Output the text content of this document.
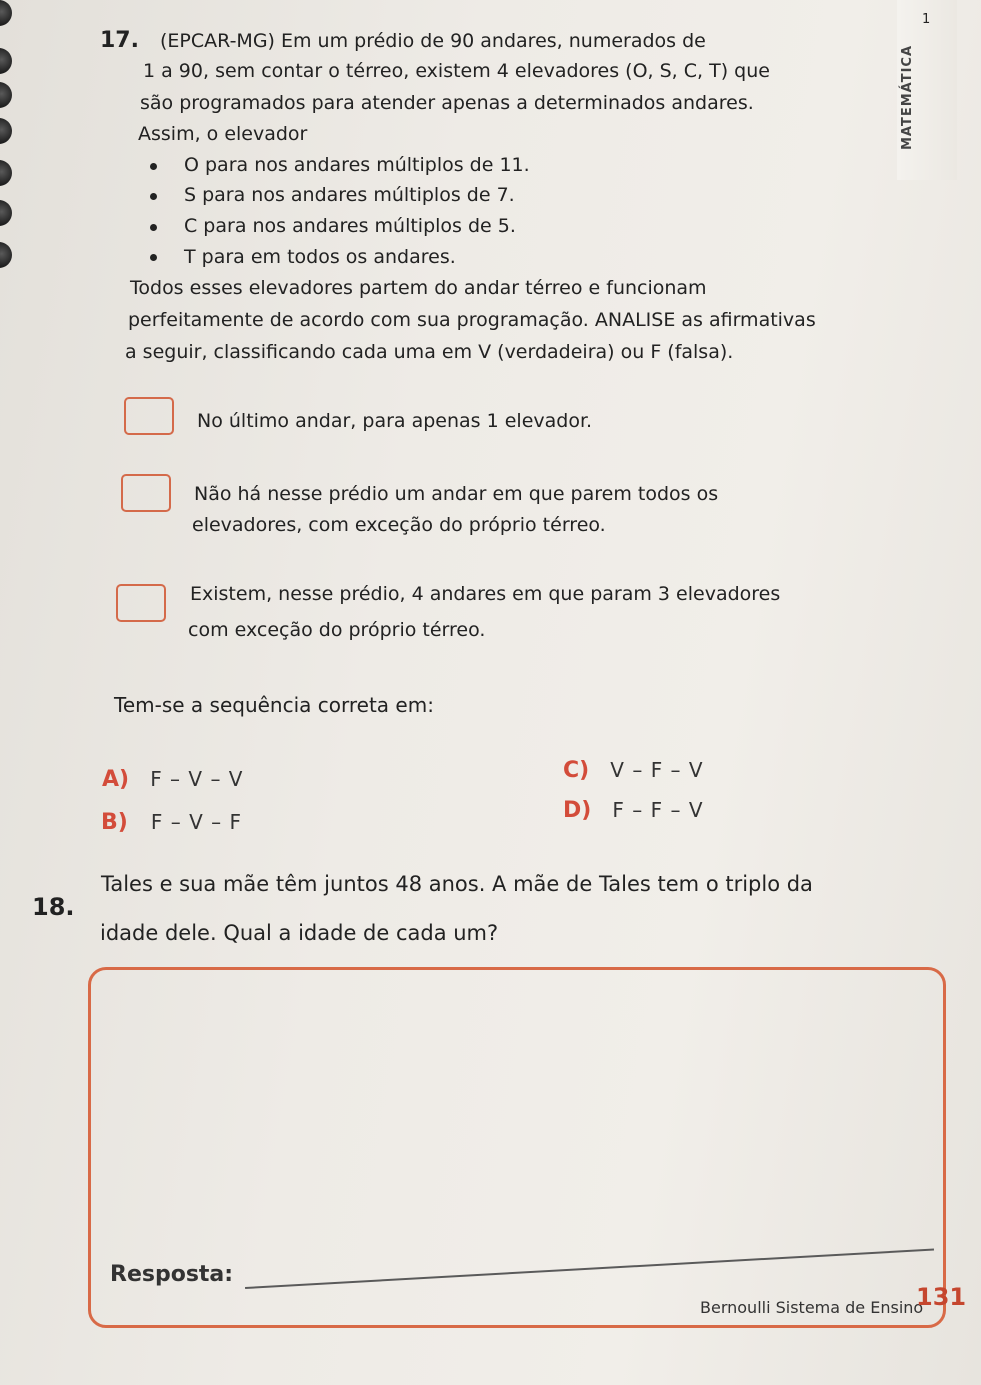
1
MATEMÁTICA
17. (EPCAR-MG) Em um prédio de 90 andares, numerados de
1 a 90, sem contar o térreo, existem 4 elevadores (O, S, C, T) que
são programados para atender apenas a determinados andares.
Assim, o elevador
O para nos andares múltiplos de 11.
S para nos andares múltiplos de 7.
C para nos andares múltiplos de 5.
T para em todos os andares.
Todos esses elevadores partem do andar térreo e funcionam
perfeitamente de acordo com sua programação. ANALISE as afirmativas
a seguir, classificando cada uma em V (verdadeira) ou F (falsa).
No último andar, para apenas 1 elevador.
Não há nesse prédio um andar em que parem todos os
elevadores, com exceção do próprio térreo.
Existem, nesse prédio, 4 andares em que param 3 elevadores
com exceção do próprio térreo.
Tem-se a sequência correta em:
A) F – V – V
B) F – V – F
C) V – F – V
D) F – F – V
18.
Tales e sua mãe têm juntos 48 anos. A mãe de Tales tem o triplo da
idade dele. Qual a idade de cada um?
Resposta:
Bernoulli Sistema de Ensino
131
